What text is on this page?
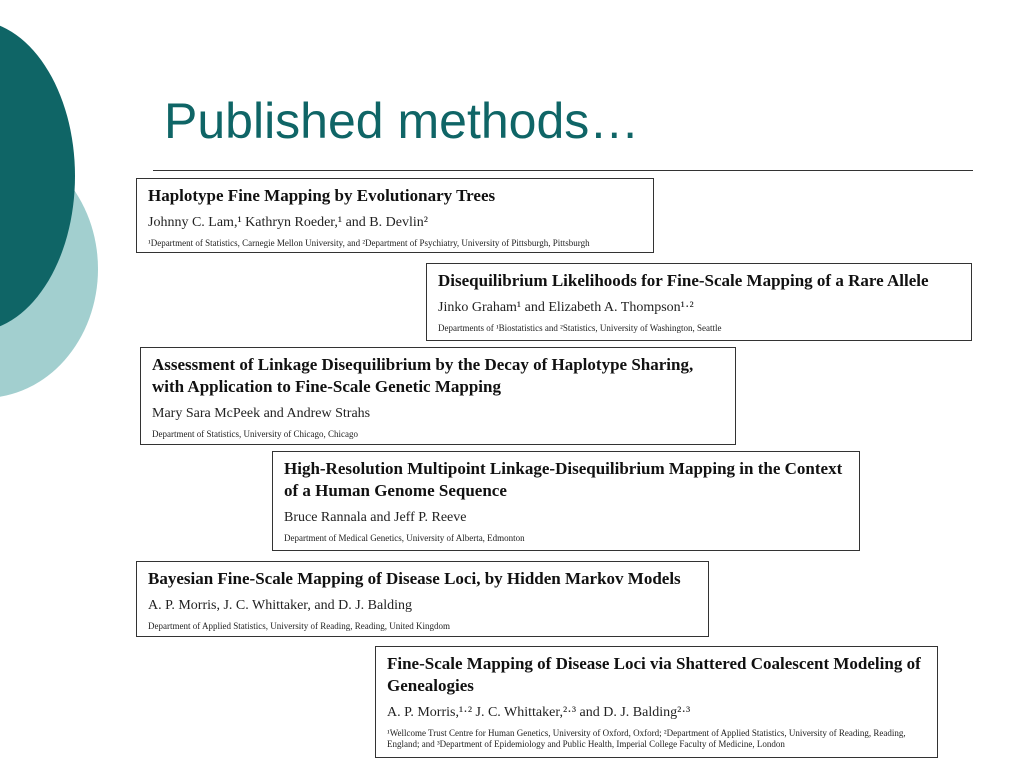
Published methods…
Haplotype Fine Mapping by Evolutionary Trees
Johnny C. Lam,¹ Kathryn Roeder,¹ and B. Devlin²
¹Department of Statistics, Carnegie Mellon University, and ²Department of Psychiatry, University of Pittsburgh, Pittsburgh
Disequilibrium Likelihoods for Fine-Scale Mapping of a Rare Allele
Jinko Graham¹ and Elizabeth A. Thompson¹·²
Departments of ¹Biostatistics and ²Statistics, University of Washington, Seattle
Assessment of Linkage Disequilibrium by the Decay of Haplotype Sharing, with Application to Fine-Scale Genetic Mapping
Mary Sara McPeek and Andrew Strahs
Department of Statistics, University of Chicago, Chicago
High-Resolution Multipoint Linkage-Disequilibrium Mapping in the Context of a Human Genome Sequence
Bruce Rannala and Jeff P. Reeve
Department of Medical Genetics, University of Alberta, Edmonton
Bayesian Fine-Scale Mapping of Disease Loci, by Hidden Markov Models
A. P. Morris, J. C. Whittaker, and D. J. Balding
Department of Applied Statistics, University of Reading, Reading, United Kingdom
Fine-Scale Mapping of Disease Loci via Shattered Coalescent Modeling of Genealogies
A. P. Morris,¹·² J. C. Whittaker,²·³ and D. J. Balding²·³
¹Wellcome Trust Centre for Human Genetics, University of Oxford, Oxford; ²Department of Applied Statistics, University of Reading, Reading, England; and ³Department of Epidemiology and Public Health, Imperial College Faculty of Medicine, London
